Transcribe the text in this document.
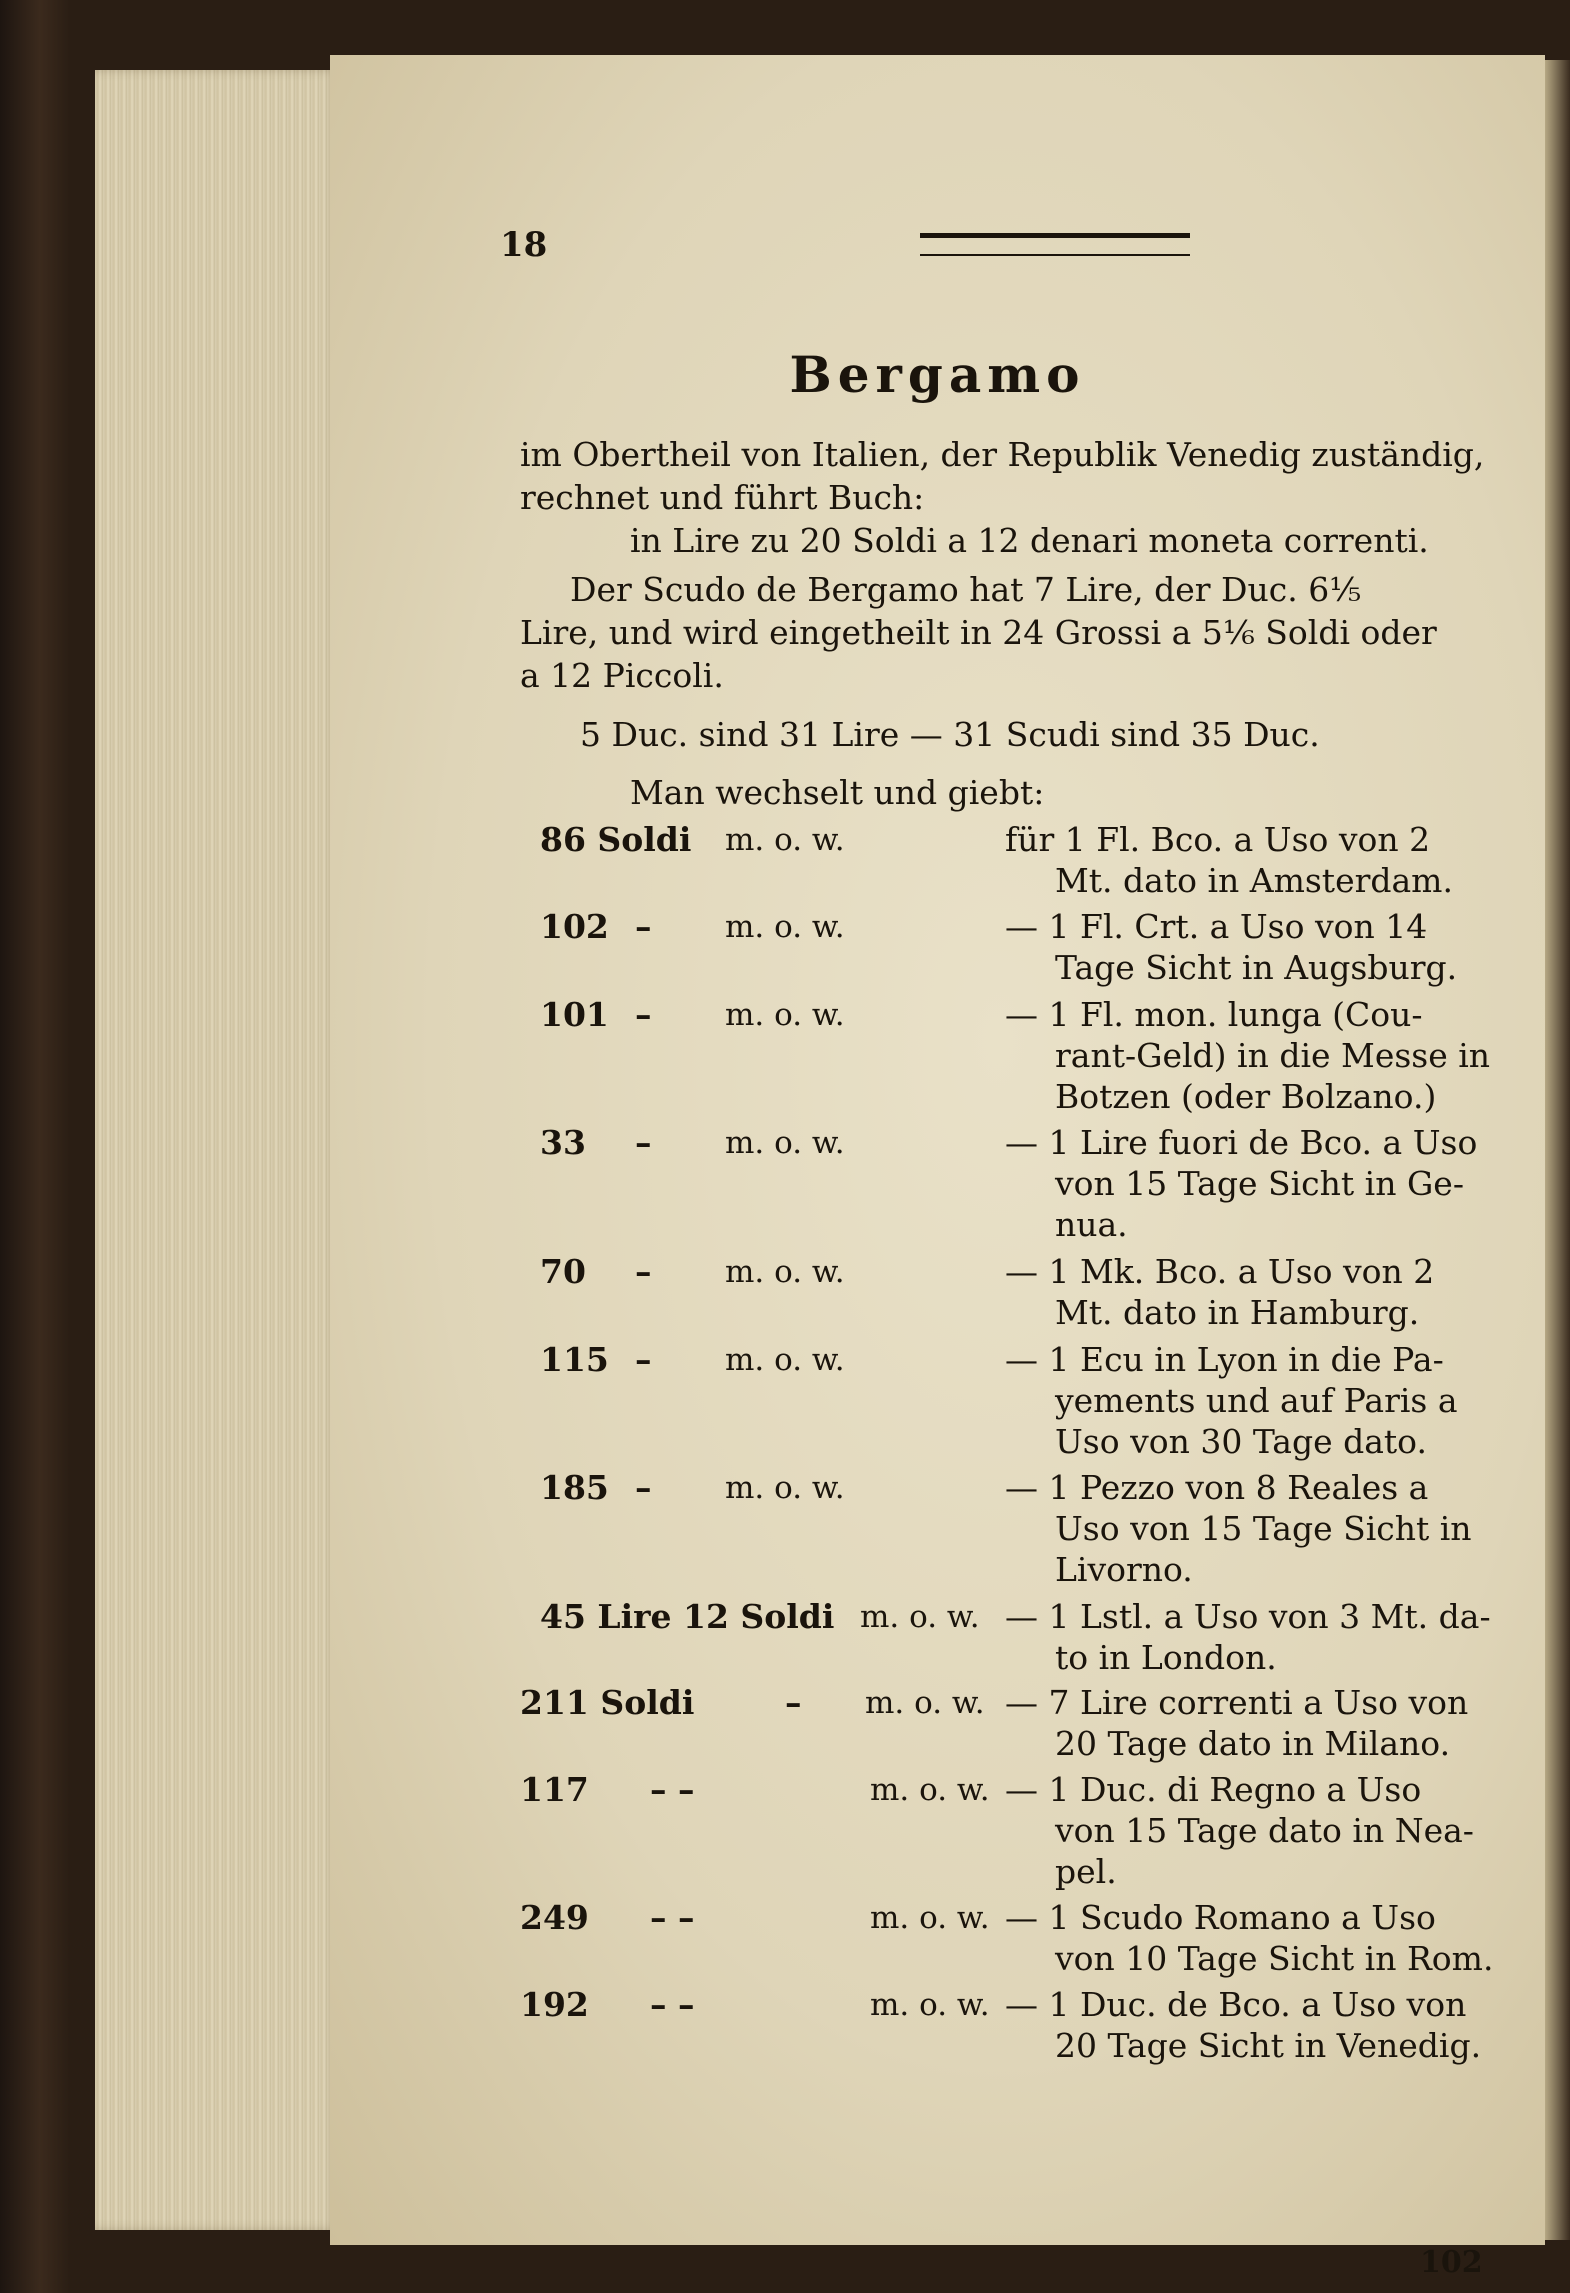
18
Bergamo
im Obertheil von Italien, der Republik Venedig zuständig,
rechnet und führt Buch:
in Lire zu 20 Soldi a 12 denari moneta correnti.
Der Scudo de Bergamo hat 7 Lire, der Duc. 6⅕
Lire, und wird eingetheilt in 24 Grossi a 5⅙ Soldi oder
a 12 Piccoli.
5 Duc. sind 31 Lire — 31 Scudi sind 35 Duc.
Man wechselt und giebt:
86 Soldi m. o. w.	für 1 Fl. Bco. a Uso von 2
Mt. dato in Amsterdam.
102 – m. o. w.	— 1 Fl. Crt. a Uso von 14
Tage Sicht in Augsburg.
101 – m. o. w.	— 1 Fl. mon. lunga (Cou-
rant-Geld) in die Messe in
Botzen (oder Bolzano.)
33 – m. o. w.	— 1 Lire fuori de Bco. a Uso
von 15 Tage Sicht in Ge-
nua.
70 – m. o. w.	— 1 Mk. Bco. a Uso von 2
Mt. dato in Hamburg.
115 – m. o. w.	— 1 Ecu in Lyon in die Pa-
yements und auf Paris a
Uso von 30 Tage dato.
185 – m. o. w.	— 1 Pezzo von 8 Reales a
Uso von 15 Tage Sicht in
Livorno.
45 Lire 12 Soldi m. o. w. — 1 Lstl. a Uso von 3 Mt. da-
to in London.
211 Soldi	– m. o. w. — 7 Lire correnti a Uso von
20 Tage dato in Milano.
117 – –	m. o. w. — 1 Duc. di Regno a Uso
von 15 Tage dato in Nea-
pel.
249 – –	m. o. w. — 1 Scudo Romano a Uso
von 10 Tage Sicht in Rom.
192 – –	m. o. w. — 1 Duc. de Bco. a Uso von
20 Tage Sicht in Venedig.
102
